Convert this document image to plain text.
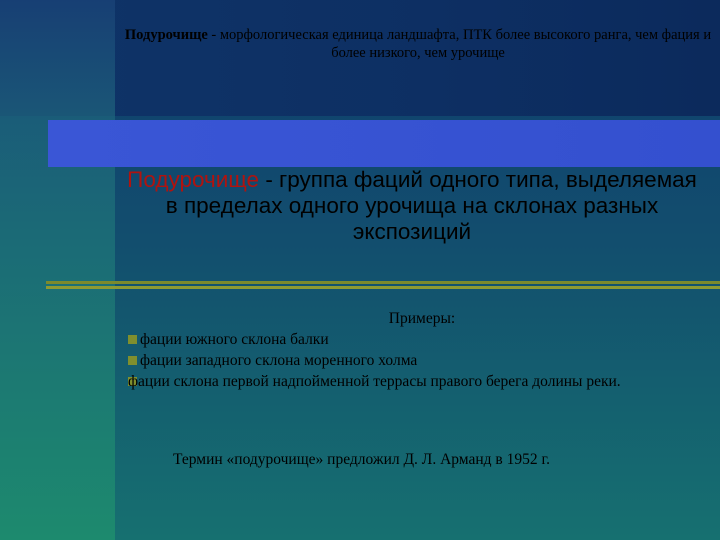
Подурочище - морфологическая единица ландшафта, ПТК более высокого ранга, чем фация и более низкого, чем урочище
Подурочище - группа фаций одного типа, выделяемая в пределах одного урочища на склонах разных экспозиций
Примеры:
фации южного склона балки
фации западного склона моренного холма
фации склона первой надпойменной террасы правого берега долины реки.
Термин «подурочище» предложил Д. Л. Арманд в 1952 г.
